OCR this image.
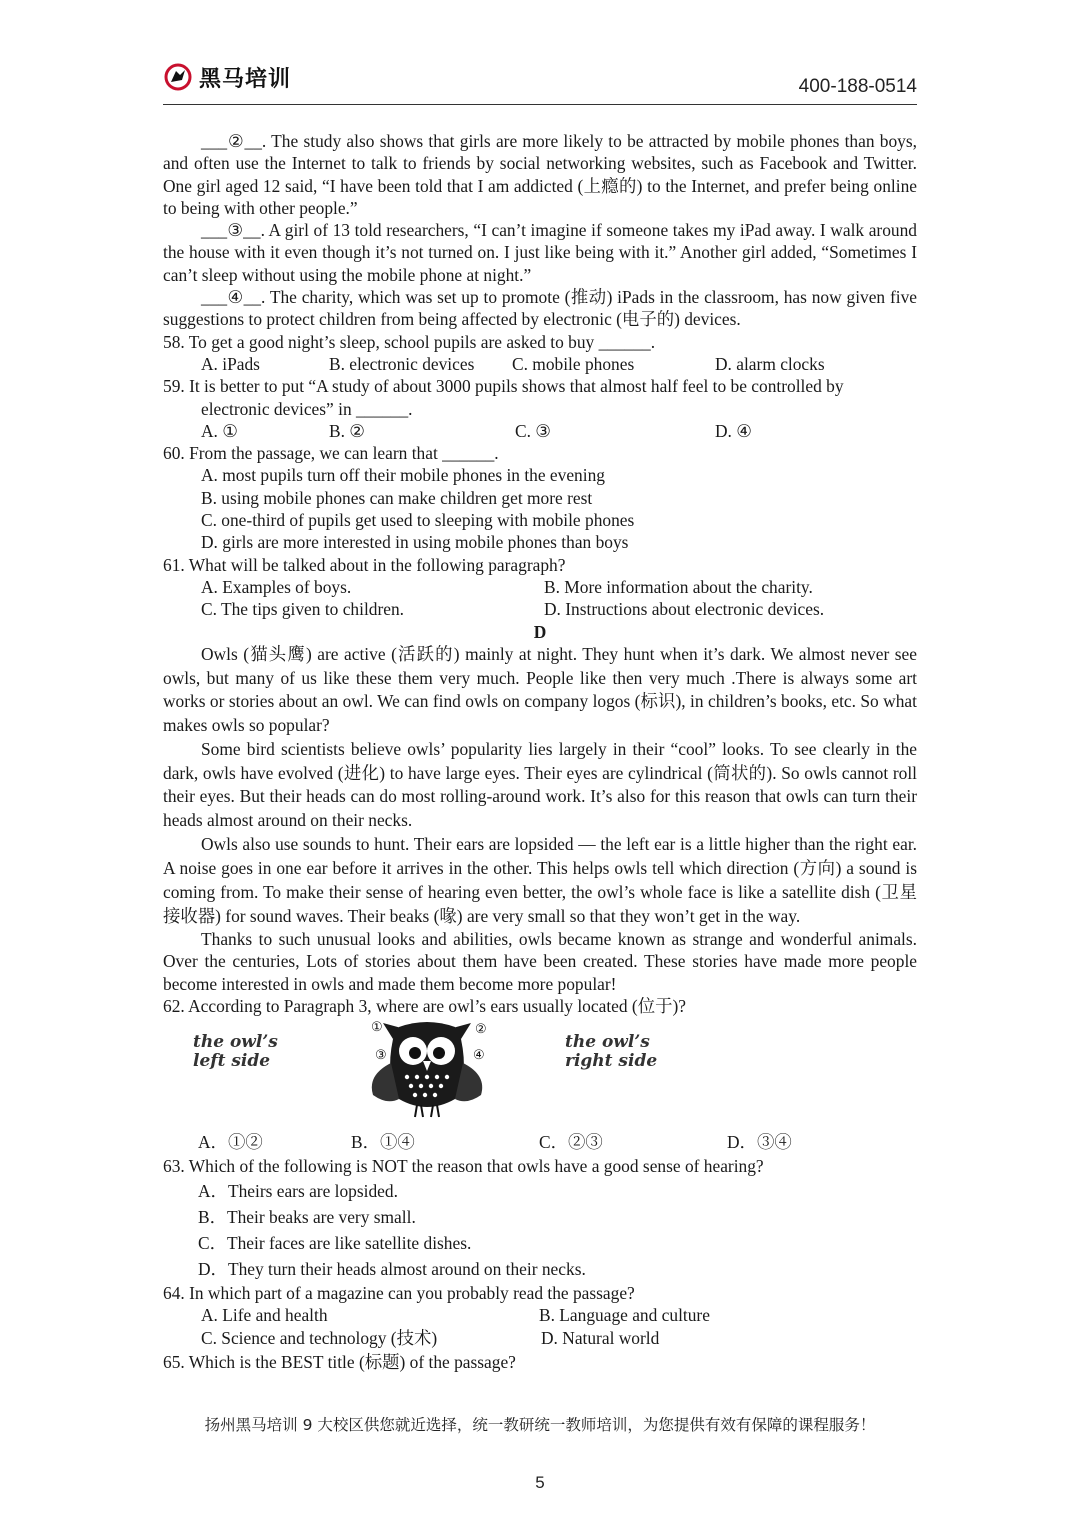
黑马培训	400-188-0514

___②__. The study also shows that girls are more likely to be attracted by mobile phones than boys, and often use the Internet to talk to friends by social networking websites, such as Facebook and Twitter. One girl aged 12 said, “I have been told that I am addicted (上瘾的) to the Internet, and prefer being online to being with other people.”

___③__. A girl of 13 told researchers, “I can’t imagine if someone takes my iPad away. I walk around the house with it even though it’s not turned on. I just like being with it.” Another girl added, “Sometimes I can’t sleep without using the mobile phone at night.”

___④__. The charity, which was set up to promote (推动) iPads in the classroom, has now given five suggestions to protect children from being affected by electronic (电子的) devices.

58. To get a good night’s sleep, school pupils are asked to buy ______.

A. iPads	B. electronic devices	C. mobile phones	D. alarm clocks

59. It is better to put “A study of about 3000 pupils shows that almost half feel to be controlled by

electronic devices” in ______.

A. ①	B. ②	C. ③	D. ④

60. From the passage, we can learn that ______.

A. most pupils turn off their mobile phones in the evening

B. using mobile phones can make children get more rest

C. one-third of pupils get used to sleeping with mobile phones

D. girls are more interested in using mobile phones than boys

61. What will be talked about in the following paragraph?

A. Examples of boys.	B. More information about the charity.
C. The tips given to children.	D. Instructions about electronic devices.

D

Owls (猫头鹰) are active (活跃的) mainly at night. They hunt when it’s dark. We almost never see owls, but many of us like these them very much. People like then very much .There is always some art works or stories about an owl. We can find owls on company logos (标识), in children’s books, etc. So what makes owls so popular?

Some bird scientists believe owls’ popularity lies largely in their “cool” looks. To see clearly in the dark, owls have evolved (进化) to have large eyes. Their eyes are cylindrical (筒状的). So owls cannot roll their eyes. But their heads can do most rolling-around work. It’s also for this reason that owls can turn their heads almost around on their necks.

Owls also use sounds to hunt. Their ears are lopsided — the left ear is a little higher than the right ear. A noise goes in one ear before it arrives in the other. This helps owls tell which direction (方向) a sound is coming from. To make their sense of hearing even better, the owl’s whole face is like a satellite dish (卫星接收器) for sound waves. Their beaks (喙) are very small so that they won’t get in the way.

Thanks to such unusual looks and abilities, owls became known as strange and wonderful animals. Over the centuries, Lots of stories about them have been created. These stories have made more people become interested in owls and made them become more popular!

62. According to Paragraph 3, where are owl’s ears usually located (位于)?

the owl’s
left side
the owl’s
right side
①	②
③	④
A．①②	B．①④	C．②③	D．③④

63. Which of the following is NOT the reason that owls have a good sense of hearing?

A．Theirs ears are lopsided.

B．Their beaks are very small.

C．Their faces are like satellite dishes.

D．They turn their heads almost around on their necks.

64. In which part of a magazine can you probably read the passage?

A. Life and health	B. Language and culture
C. Science and technology (技术)	D. Natural world

65. Which is the BEST title (标题) of the passage?

扬州黑马培训 9 大校区供您就近选择，统一教研统一教师培训，为您提供有效有保障的课程服务！
5
